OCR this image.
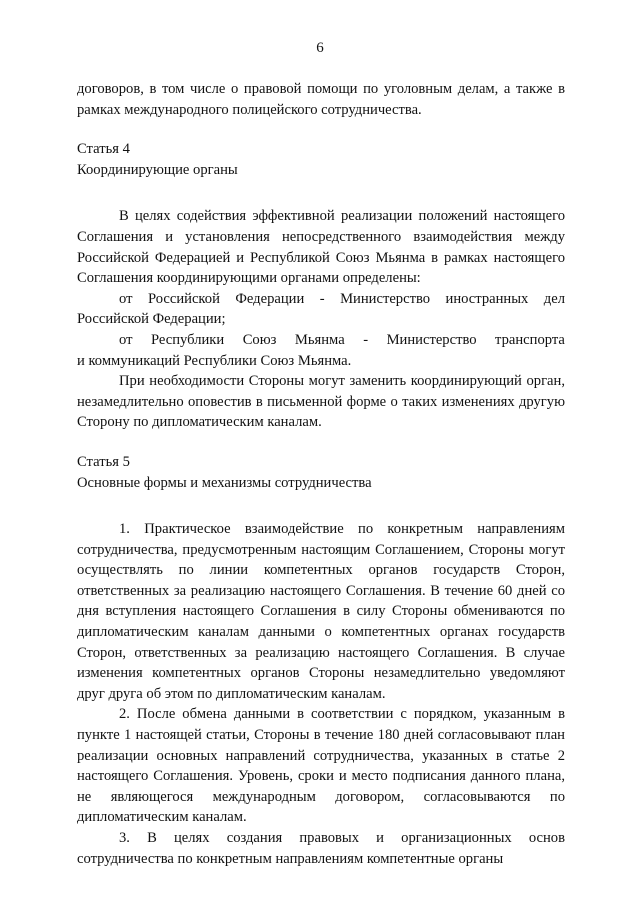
6

договоров, в том числе о правовой помощи по уголовным делам, а также в рамках международного полицейского сотрудничества.

Статья 4

Координирующие органы

В целях содействия эффективной реализации положений настоящего Соглашения и установления непосредственного взаимодействия между Российской Федерацией и Республикой Союз Мьянма в рамках настоящего Соглашения координирующими органами определены:

от Российской Федерации - Министерство иностранных дел Российской Федерации;

от Республики Союз Мьянма - Министерство транспорта

и коммуникаций Республики Союз Мьянма.

При необходимости Стороны могут заменить координирующий орган, незамедлительно оповестив в письменной форме о таких изменениях другую Сторону по дипломатическим каналам.

Статья 5

Основные формы и механизмы сотрудничества

1. Практическое взаимодействие по конкретным направлениям сотрудничества, предусмотренным настоящим Соглашением, Стороны могут осуществлять по линии компетентных органов государств Сторон, ответственных за реализацию настоящего Соглашения. В течение 60 дней со дня вступления настоящего Соглашения в силу Стороны обмениваются по дипломатическим каналам данными о компетентных органах государств Сторон, ответственных за реализацию настоящего Соглашения. В случае изменения компетентных органов Стороны незамедлительно уведомляют друг друга об этом по дипломатическим каналам.

2. После обмена данными в соответствии с порядком, указанным в пункте 1 настоящей статьи, Стороны в течение 180 дней согласовывают план реализации основных направлений сотрудничества, указанных в статье 2 настоящего Соглашения. Уровень, сроки и место подписания данного плана, не являющегося международным договором, согласовываются по дипломатическим каналам.

3. В целях создания правовых и организационных основ сотрудничества по конкретным направлениям компетентные органы
